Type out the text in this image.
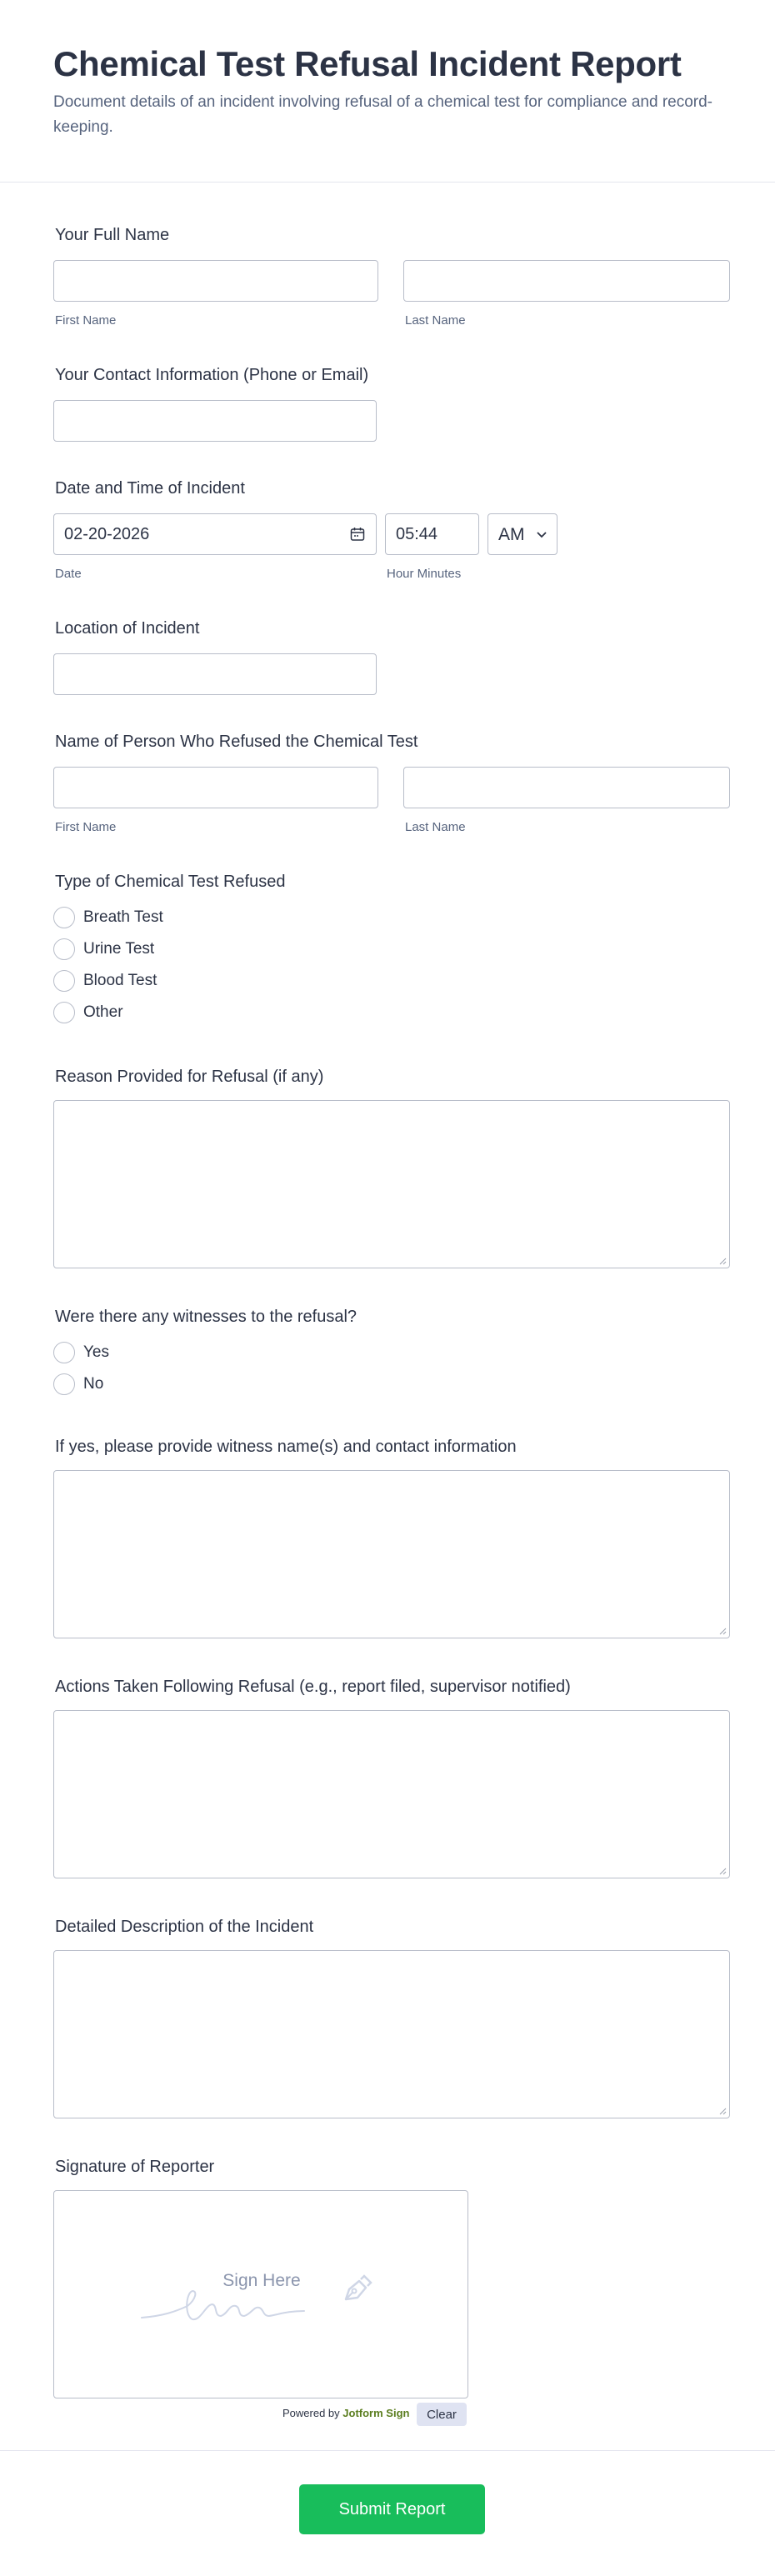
Chemical Test Refusal Incident Report

Document details of an incident involving refusal of a chemical test for compliance and record-keeping.

Your Full Name
First Name	Last Name
Your Contact Information (Phone or Email)
Date and Time of Incident
02-20-2026	05:44	AM
Date	Hour Minutes
Location of Incident
Name of Person Who Refused the Chemical Test
First Name	Last Name
Type of Chemical Test Refused
Breath Test
Urine Test
Blood Test
Other
Reason Provided for Refusal (if any)
Were there any witnesses to the refusal?
Yes
No
If yes, please provide witness name(s) and contact information
Actions Taken Following Refusal (e.g., report filed, supervisor notified)
Detailed Description of the Incident
Signature of Reporter
Sign Here
Powered by Jotform Sign	Clear
Submit Report
